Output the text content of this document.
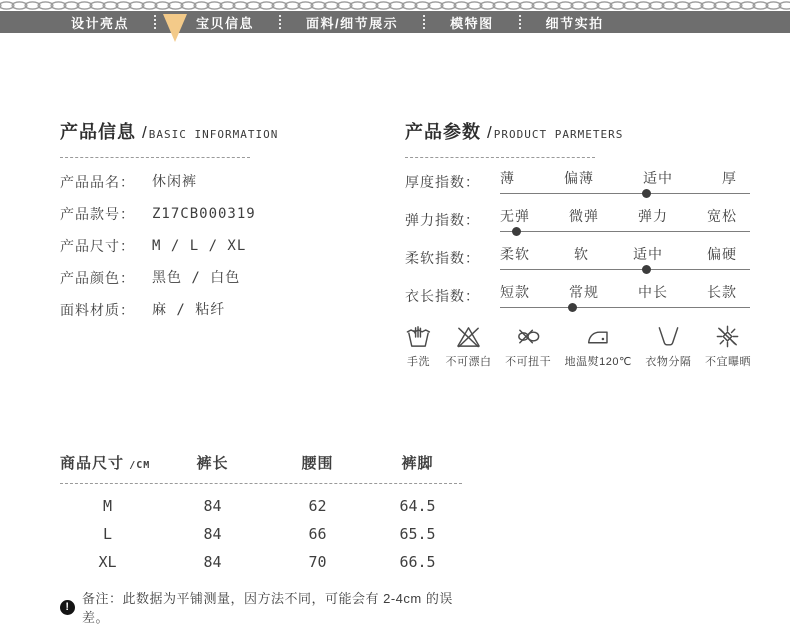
设计亮点	宝贝信息	面料/细节展示	模特图	细节实拍
产品信息 / BASIC INFORMATION
产品品名：	休闲裤
产品款号：	Z17CB000319
产品尺寸：	M / L / XL
产品颜色：	黑色 / 白色
面料材质：	麻 / 粘纤
产品参数 / PRODUCT PARMETERS
厚度指数：	薄	偏薄	适中	厚
弹力指数：	无弹	微弹	弹力	宽松
柔软指数：	柔软	软	适中	偏硬
衣长指数：	短款	常规	中长	长款
手洗 不可漂白 不可扭干 地温熨120℃ 衣物分隔 不宜曝晒
商品尺寸 /CM	裤长	腰围	裤脚
M	84	62	64.5
L	84	66	65.5
XL	84	70	66.5
!
备注：此数据为平铺测量，因方法不同，可能会有 2-4cm 的误差。
